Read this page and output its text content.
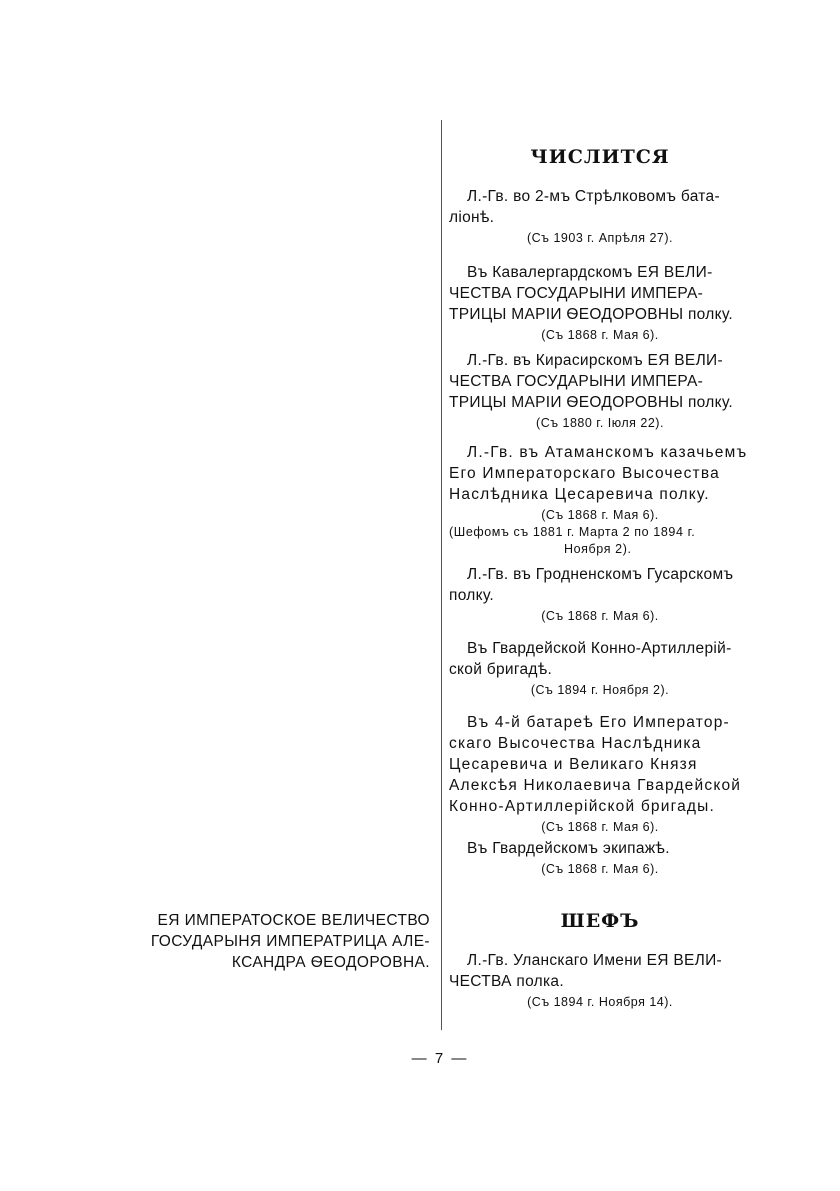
ЧИСЛИТСЯ

Л.-Гв. во 2-мъ Стрѣлковомъ бата-
ліонѣ.

(Съ 1903 г. Апрѣля 27).

Въ Кавалергардскомъ ЕЯ ВЕЛИ-
ЧЕСТВА ГОСУДАРЫНИ ИМПЕРА-
ТРИЦЫ МАРІИ ѲЕОДОРОВНЫ полку.

(Съ 1868 г. Мая 6).

Л.-Гв. въ Кирасирскомъ ЕЯ ВЕЛИ-
ЧЕСТВА ГОСУДАРЫНИ ИМПЕРА-
ТРИЦЫ МАРІИ ѲЕОДОРОВНЫ полку.

(Съ 1880 г. Іюля 22).

Л.-Гв. въ Атаманскомъ казачьемъ
Его Императорскаго Высочества
Наслѣдника Цесаревича полку.

(Съ 1868 г. Мая 6).

(Шефомъ съ 1881 г. Марта 2 по 1894 г.

Ноября 2).

Л.-Гв. въ Гродненскомъ Гусарскомъ
полку.

(Съ 1868 г. Мая 6).

Въ Гвардейской Конно-Артиллерій-
ской бригадѣ.

(Съ 1894 г. Ноября 2).

Въ 4-й батареѣ Его Император-
скаго Высочества Наслѣдника
Цесаревича и Великаго Князя
Алексѣя Николаевича Гвардейской
Конно-Артиллерійской бригады.

(Съ 1868 г. Мая 6).

Въ Гвардейскомъ экипажѣ.

(Съ 1868 г. Мая 6).

ШЕФЪ

Л.-Гв. Уланскаго Имени ЕЯ ВЕЛИ-
ЧЕСТВА полка.

(Съ 1894 г. Ноября 14).

ЕЯ ИМПЕРАТОСКОЕ ВЕЛИЧЕСТВО
ГОСУДАРЫНЯ ИМПЕРАТРИЦА АЛЕ-
КСАНДРА ѲЕОДОРОВНА.
— 7 —
